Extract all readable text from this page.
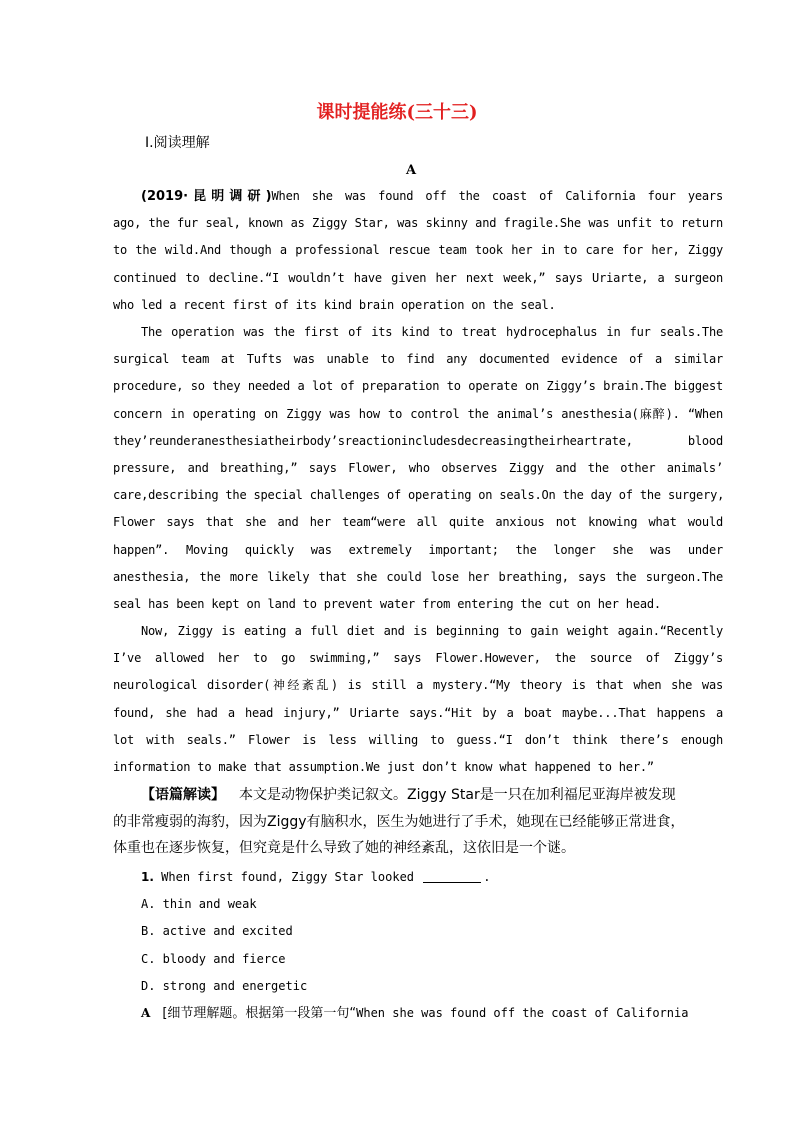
课时提能练(三十三)
Ⅰ.阅读理解
A
(2019·昆明调研)When she was found off the coast of California four years
ago, the fur seal, known as Ziggy Star, was skinny and fragile.She was unfit to return
to the wild.And though a professional rescue team took her in to care for her, Ziggy
continued to decline.“I wouldn’t have given her next week,” says Uriarte, a surgeon
who led a recent first of its kind brain operation on the seal.
The operation was the first of its kind to treat hydrocephalus in fur seals.The
surgical team at Tufts was unable to find any documented evidence of a similar
procedure, so they needed a lot of preparation to operate on Ziggy’s brain.The biggest
concern in operating on Ziggy was how to control the animal’s anesthesia(麻醉). “When
they’reunderanesthesiatheirbody’sreactionincludesdecreasingtheirheartrate, blood
pressure, and breathing,” says Flower, who observes Ziggy and the other animals’
care,describing the special challenges of operating on seals.On the day of the surgery,
Flower says that she and her team“were all quite anxious not knowing what would
happen”. Moving quickly was extremely important; the longer she was under
anesthesia, the more likely that she could lose her breathing, says the surgeon.The
seal has been kept on land to prevent water from entering the cut on her head.
Now, Ziggy is eating a full diet and is beginning to gain weight again.“Recently
I’ve allowed her to go swimming,” says Flower.However, the source of Ziggy’s
neurological disorder(神经紊乱) is still a mystery.“My theory is that when she was
found, she had a head injury,” Uriarte says.“Hit by a boat maybe...That happens a
lot with seals.” Flower is less willing to guess.“I don’t think there’s enough
information to make that assumption.We just don’t know what happened to her.”
【语篇解读】 本文是动物保护类记叙文。Ziggy Star是一只在加利福尼亚海岸被发现
的非常瘦弱的海豹，因为Ziggy有脑积水，医生为她进行了手术，她现在已经能够正常进食，
体重也在逐步恢复，但究竟是什么导致了她的神经紊乱，这依旧是一个谜。
1. When first found, Ziggy Star looked	.
A. thin and weak
B. active and excited
C. bloody and fierce
D. strong and energetic
A [细节理解题。根据第一段第一句“When she was found off the coast of California
